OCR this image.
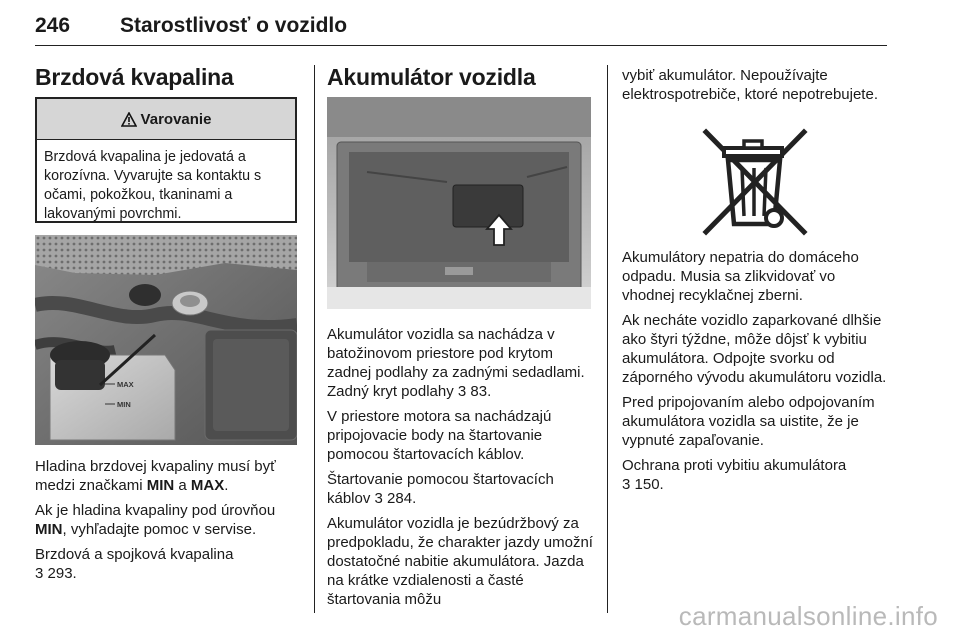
246 Starostlivosť o vozidlo
Brzdová kvapalina
Varovanie
Brzdová kvapalina je jedovatá a korozívna. Vyvarujte sa kontaktu s očami, pokožkou, tkaninami a lakovanými povrchmi.
MAX
MIN

Hladina brzdovej kvapaliny musí byť medzi značkami MIN a MAX.

Ak je hladina kvapaliny pod úrovňou MIN, vyhľadajte pomoc v servise.

Brzdová a spojková kvapalina
3 293.

Akumulátor vozidla

Akumulátor vozidla sa nachádza v batožinovom priestore pod krytom zadnej podlahy za zadnými sedadlami. Zadný kryt podlahy 3 83.

V priestore motora sa nachádzajú pripojovacie body na štartovanie pomocou štartovacích káblov.

Štartovanie pomocou štartovacích káblov 3 284.

Akumulátor vozidla je bezúdržbový za predpokladu, že charakter jazdy umožní dostatočné nabitie akumulátora. Jazda na krátke vzdialenosti a časté štartovania môžu

vybiť akumulátor. Nepoužívajte elektrospotrebiče, ktoré nepotrebujete.

Akumulátory nepatria do domáceho odpadu. Musia sa zlikvidovať vo vhodnej recyklačnej zberni.

Ak necháte vozidlo zaparkované dlhšie ako štyri týždne, môže dôjsť k vybitiu akumulátora. Odpojte svorku od záporného vývodu akumulátoru vozidla.

Pred pripojovaním alebo odpojovaním akumulátora vozidla sa uistite, že je vypnuté zapaľovanie.

Ochrana proti vybitiu akumulátora
3 150.

carmanualsonline.info
